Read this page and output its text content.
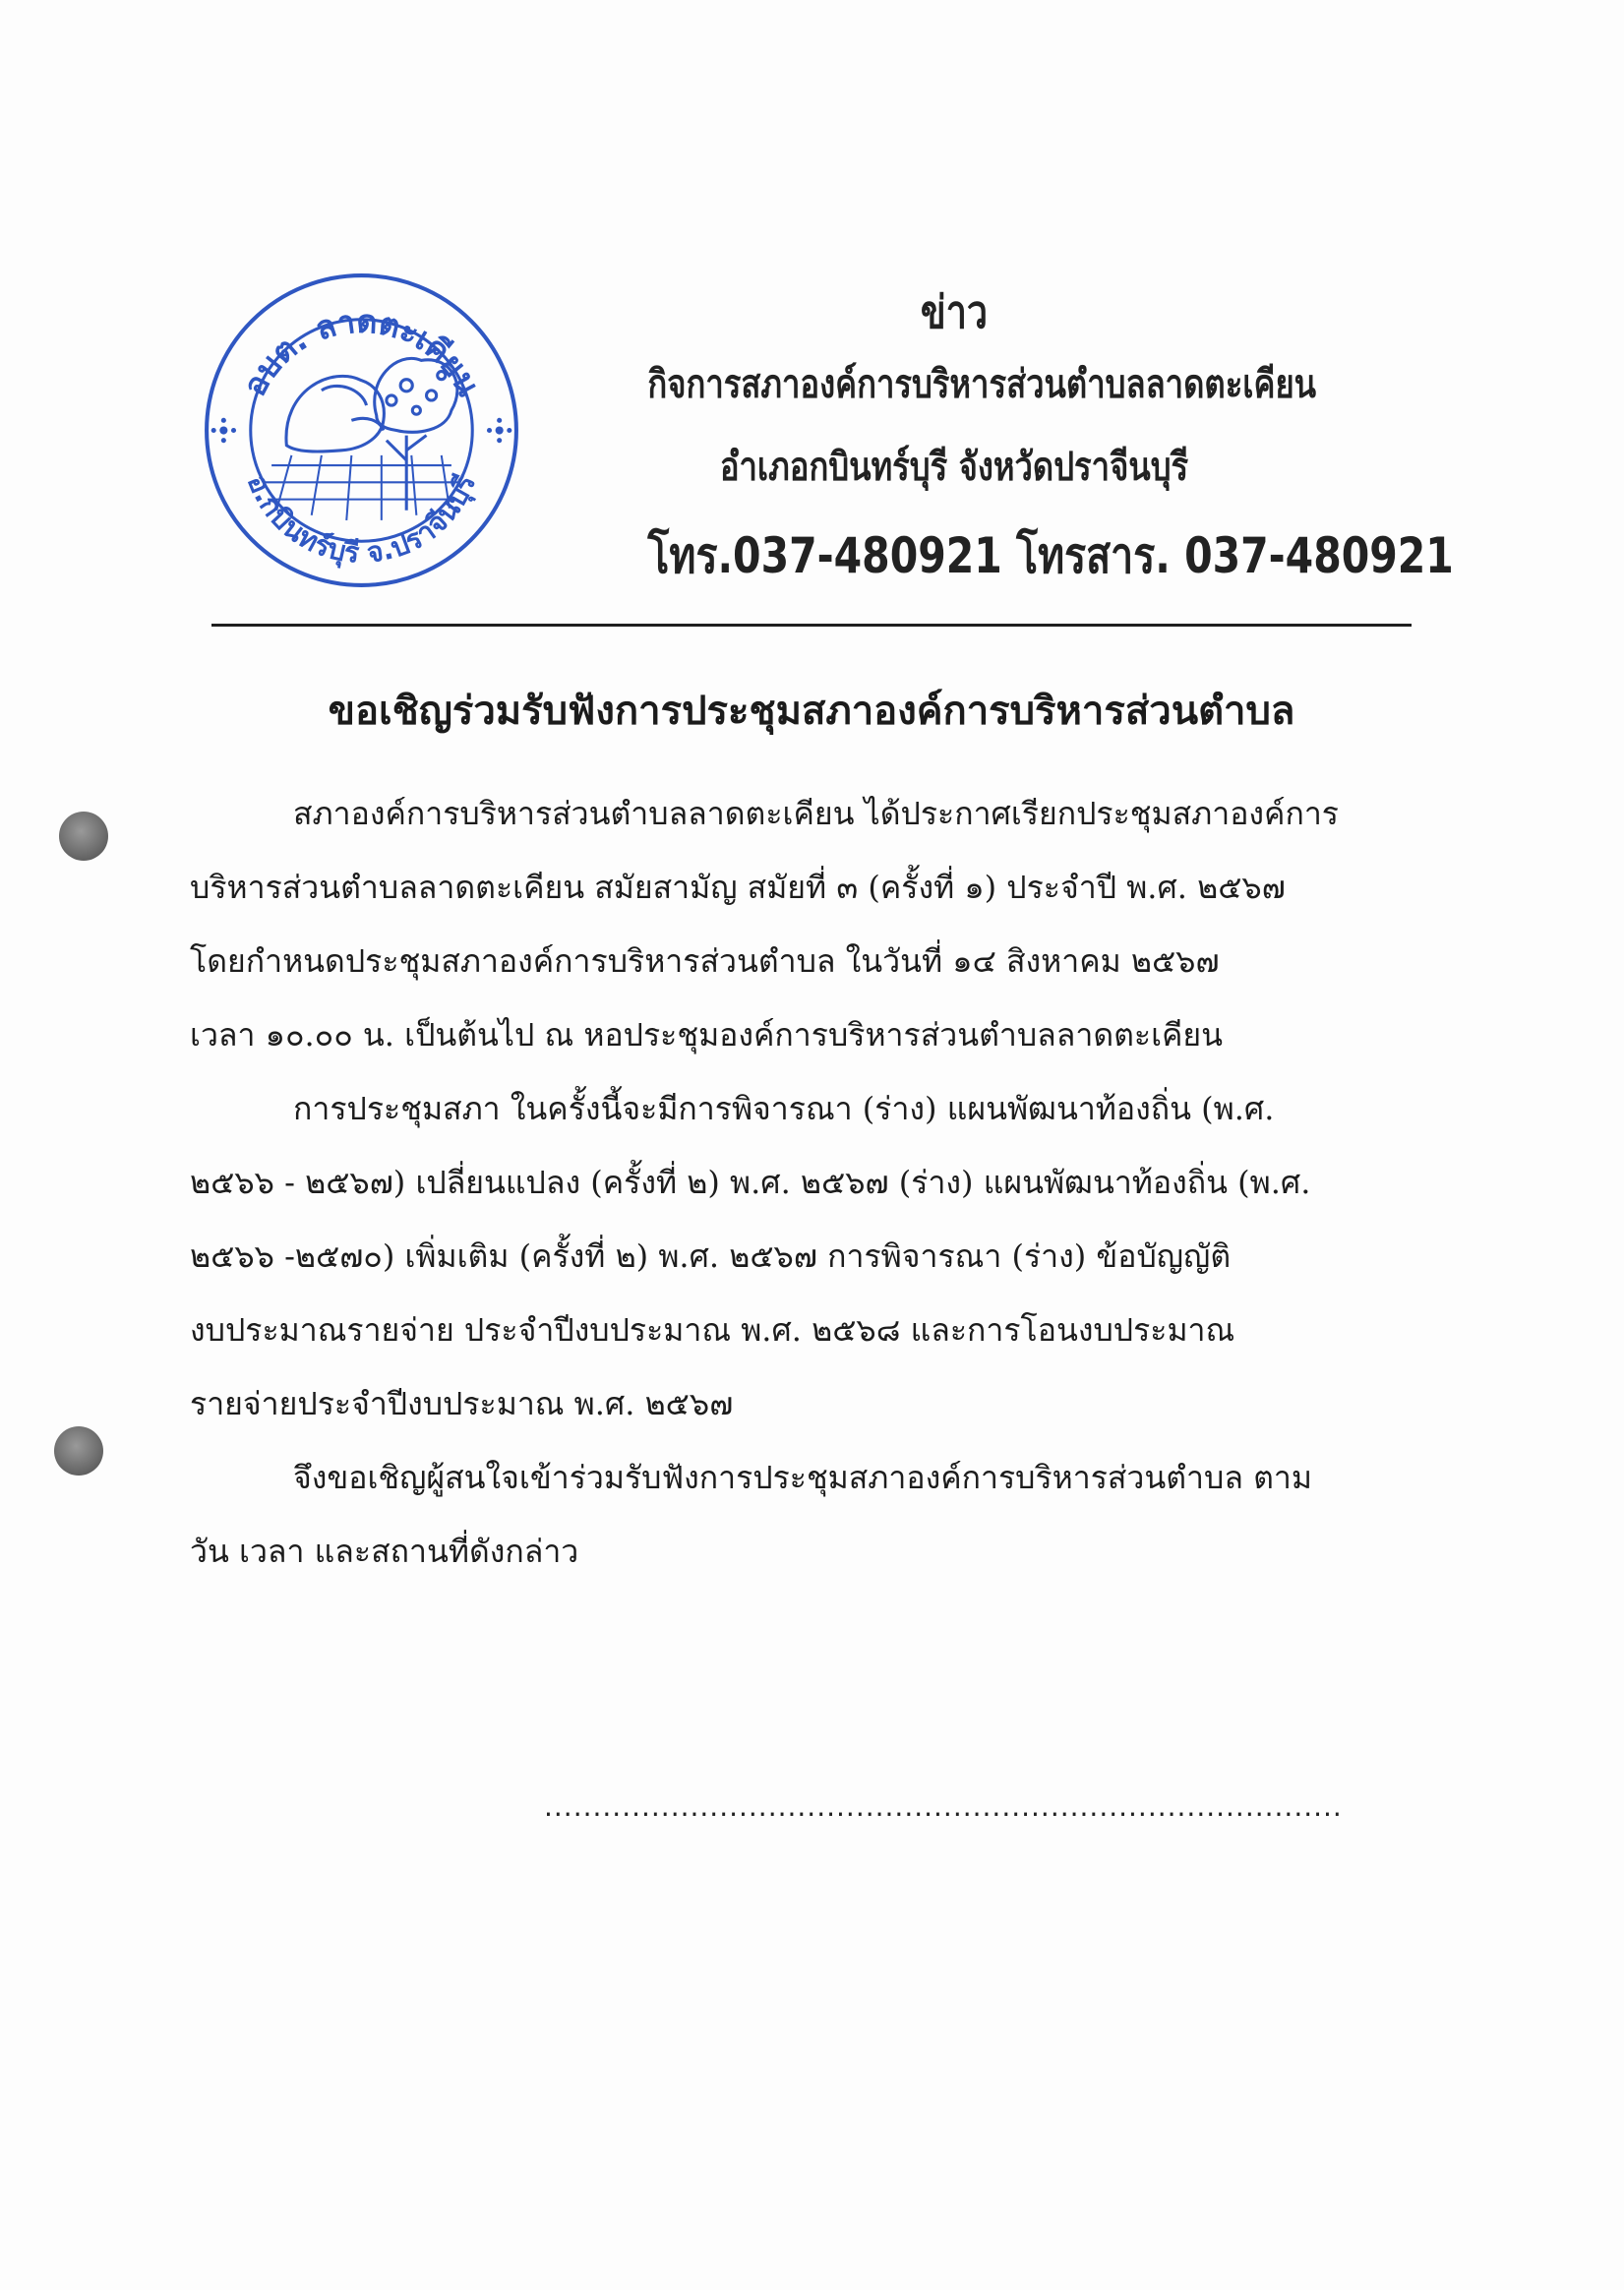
อบต. ลาดตะเคียน
อ.กบินทร์บุรี จ.ปราจีนบุรี
ข่าว
กิจการสภาองค์การบริหารส่วนตำบลลาดตะเคียน
อำเภอกบินทร์บุรี จังหวัดปราจีนบุรี
โทร.037-480921 โทรสาร. 037-480921
ขอเชิญร่วมรับฟังการประชุมสภาองค์การบริหารส่วนตำบล
สภาองค์การบริหารส่วนตำบลลาดตะเคียน ได้ประกาศเรียกประชุมสภาองค์การ
บริหารส่วนตำบลลาดตะเคียน สมัยสามัญ สมัยที่ ๓ (ครั้งที่ ๑) ประจำปี พ.ศ. ๒๕๖๗
โดยกำหนดประชุมสภาองค์การบริหารส่วนตำบล ในวันที่ ๑๔ สิงหาคม ๒๕๖๗
เวลา ๑๐.๐๐ น. เป็นต้นไป ณ หอประชุมองค์การบริหารส่วนตำบลลาดตะเคียน
การประชุมสภา ในครั้งนี้จะมีการพิจารณา (ร่าง) แผนพัฒนาท้องถิ่น (พ.ศ.
๒๕๖๖ - ๒๕๖๗) เปลี่ยนแปลง (ครั้งที่ ๒) พ.ศ. ๒๕๖๗ (ร่าง) แผนพัฒนาท้องถิ่น (พ.ศ.
๒๕๖๖ -๒๕๗๐) เพิ่มเติม (ครั้งที่ ๒) พ.ศ. ๒๕๖๗ การพิจารณา (ร่าง) ข้อบัญญัติ
งบประมาณรายจ่าย ประจำปีงบประมาณ พ.ศ. ๒๕๖๘ และการโอนงบประมาณ
รายจ่ายประจำปีงบประมาณ พ.ศ. ๒๕๖๗
จึงขอเชิญผู้สนใจเข้าร่วมรับฟังการประชุมสภาองค์การบริหารส่วนตำบล ตาม
วัน เวลา และสถานที่ดังกล่าว
..................................................................................
